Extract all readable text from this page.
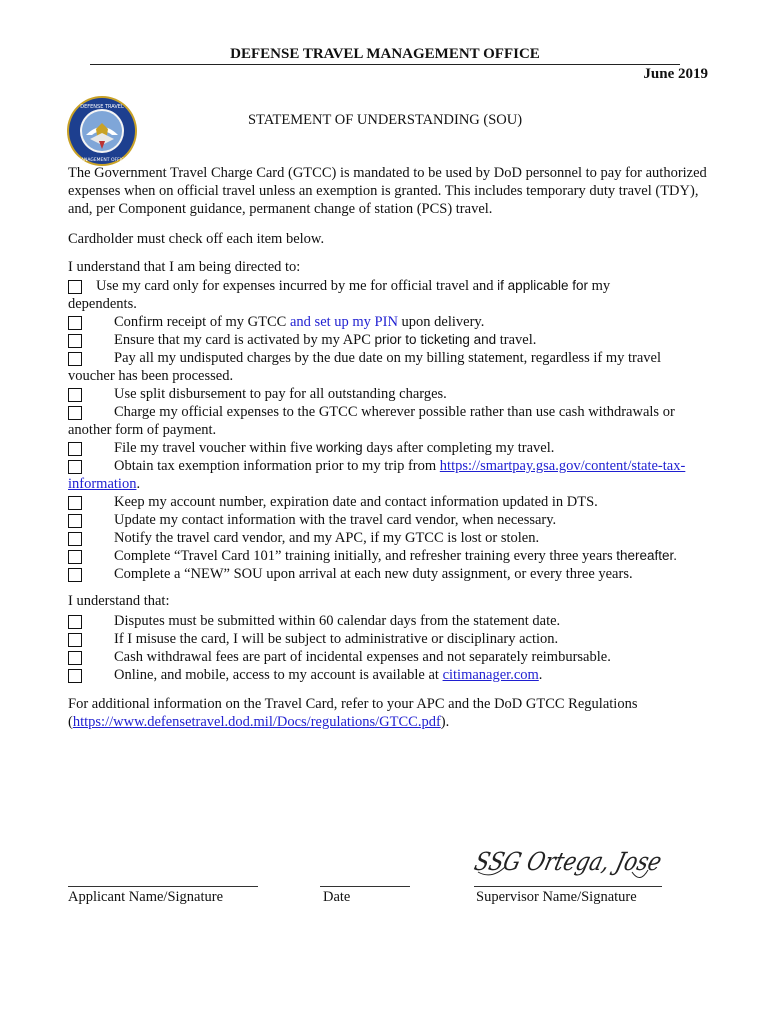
DEFENSE TRAVEL MANAGEMENT OFFICE
June 2019
DEFENSE TRAVEL
MANAGEMENT OFFICE
STATEMENT OF UNDERSTANDING (SOU)
The Government Travel Charge Card (GTCC) is mandated to be used by DoD personnel to pay for authorized expenses when on official travel unless an exemption is granted. This includes temporary duty travel (TDY), and, per Component guidance, permanent change of station (PCS) travel.
Cardholder must check off each item below.
I understand that I am being directed to:
Use my card only for expenses incurred by me for official travel and if applicable for my
dependents.
Confirm receipt of my GTCC and set up my PIN upon delivery.
Ensure that my card is activated by my APC prior to ticketing and travel.
Pay all my undisputed charges by the due date on my billing statement, regardless if my travel
voucher has been processed.
Use split disbursement to pay for all outstanding charges.
Charge my official expenses to the GTCC wherever possible rather than use cash withdrawals or
another form of payment.
File my travel voucher within five working days after completing my travel.
Obtain tax exemption information prior to my trip from https://smartpay.gsa.gov/content/state-tax-
information.
Keep my account number, expiration date and contact information updated in DTS.
Update my contact information with the travel card vendor, when necessary.
Notify the travel card vendor, and my APC, if my GTCC is lost or stolen.
Complete “Travel Card 101” training initially, and refresher training every three years thereafter.
Complete a “NEW” SOU upon arrival at each new duty assignment, or every three years.
I understand that:
Disputes must be submitted within 60 calendar days from the statement date.
If I misuse the card, I will be subject to administrative or disciplinary action.
Cash withdrawal fees are part of incidental expenses and not separately reimbursable.
Online, and mobile, access to my account is available at citimanager.com.
For additional information on the Travel Card, refer to your APC and the DoD GTCC Regulations
(https://www.defensetravel.dod.mil/Docs/regulations/GTCC.pdf).
SSG Ortega, Jose
Applicant Name/Signature	Date	Supervisor Name/Signature
